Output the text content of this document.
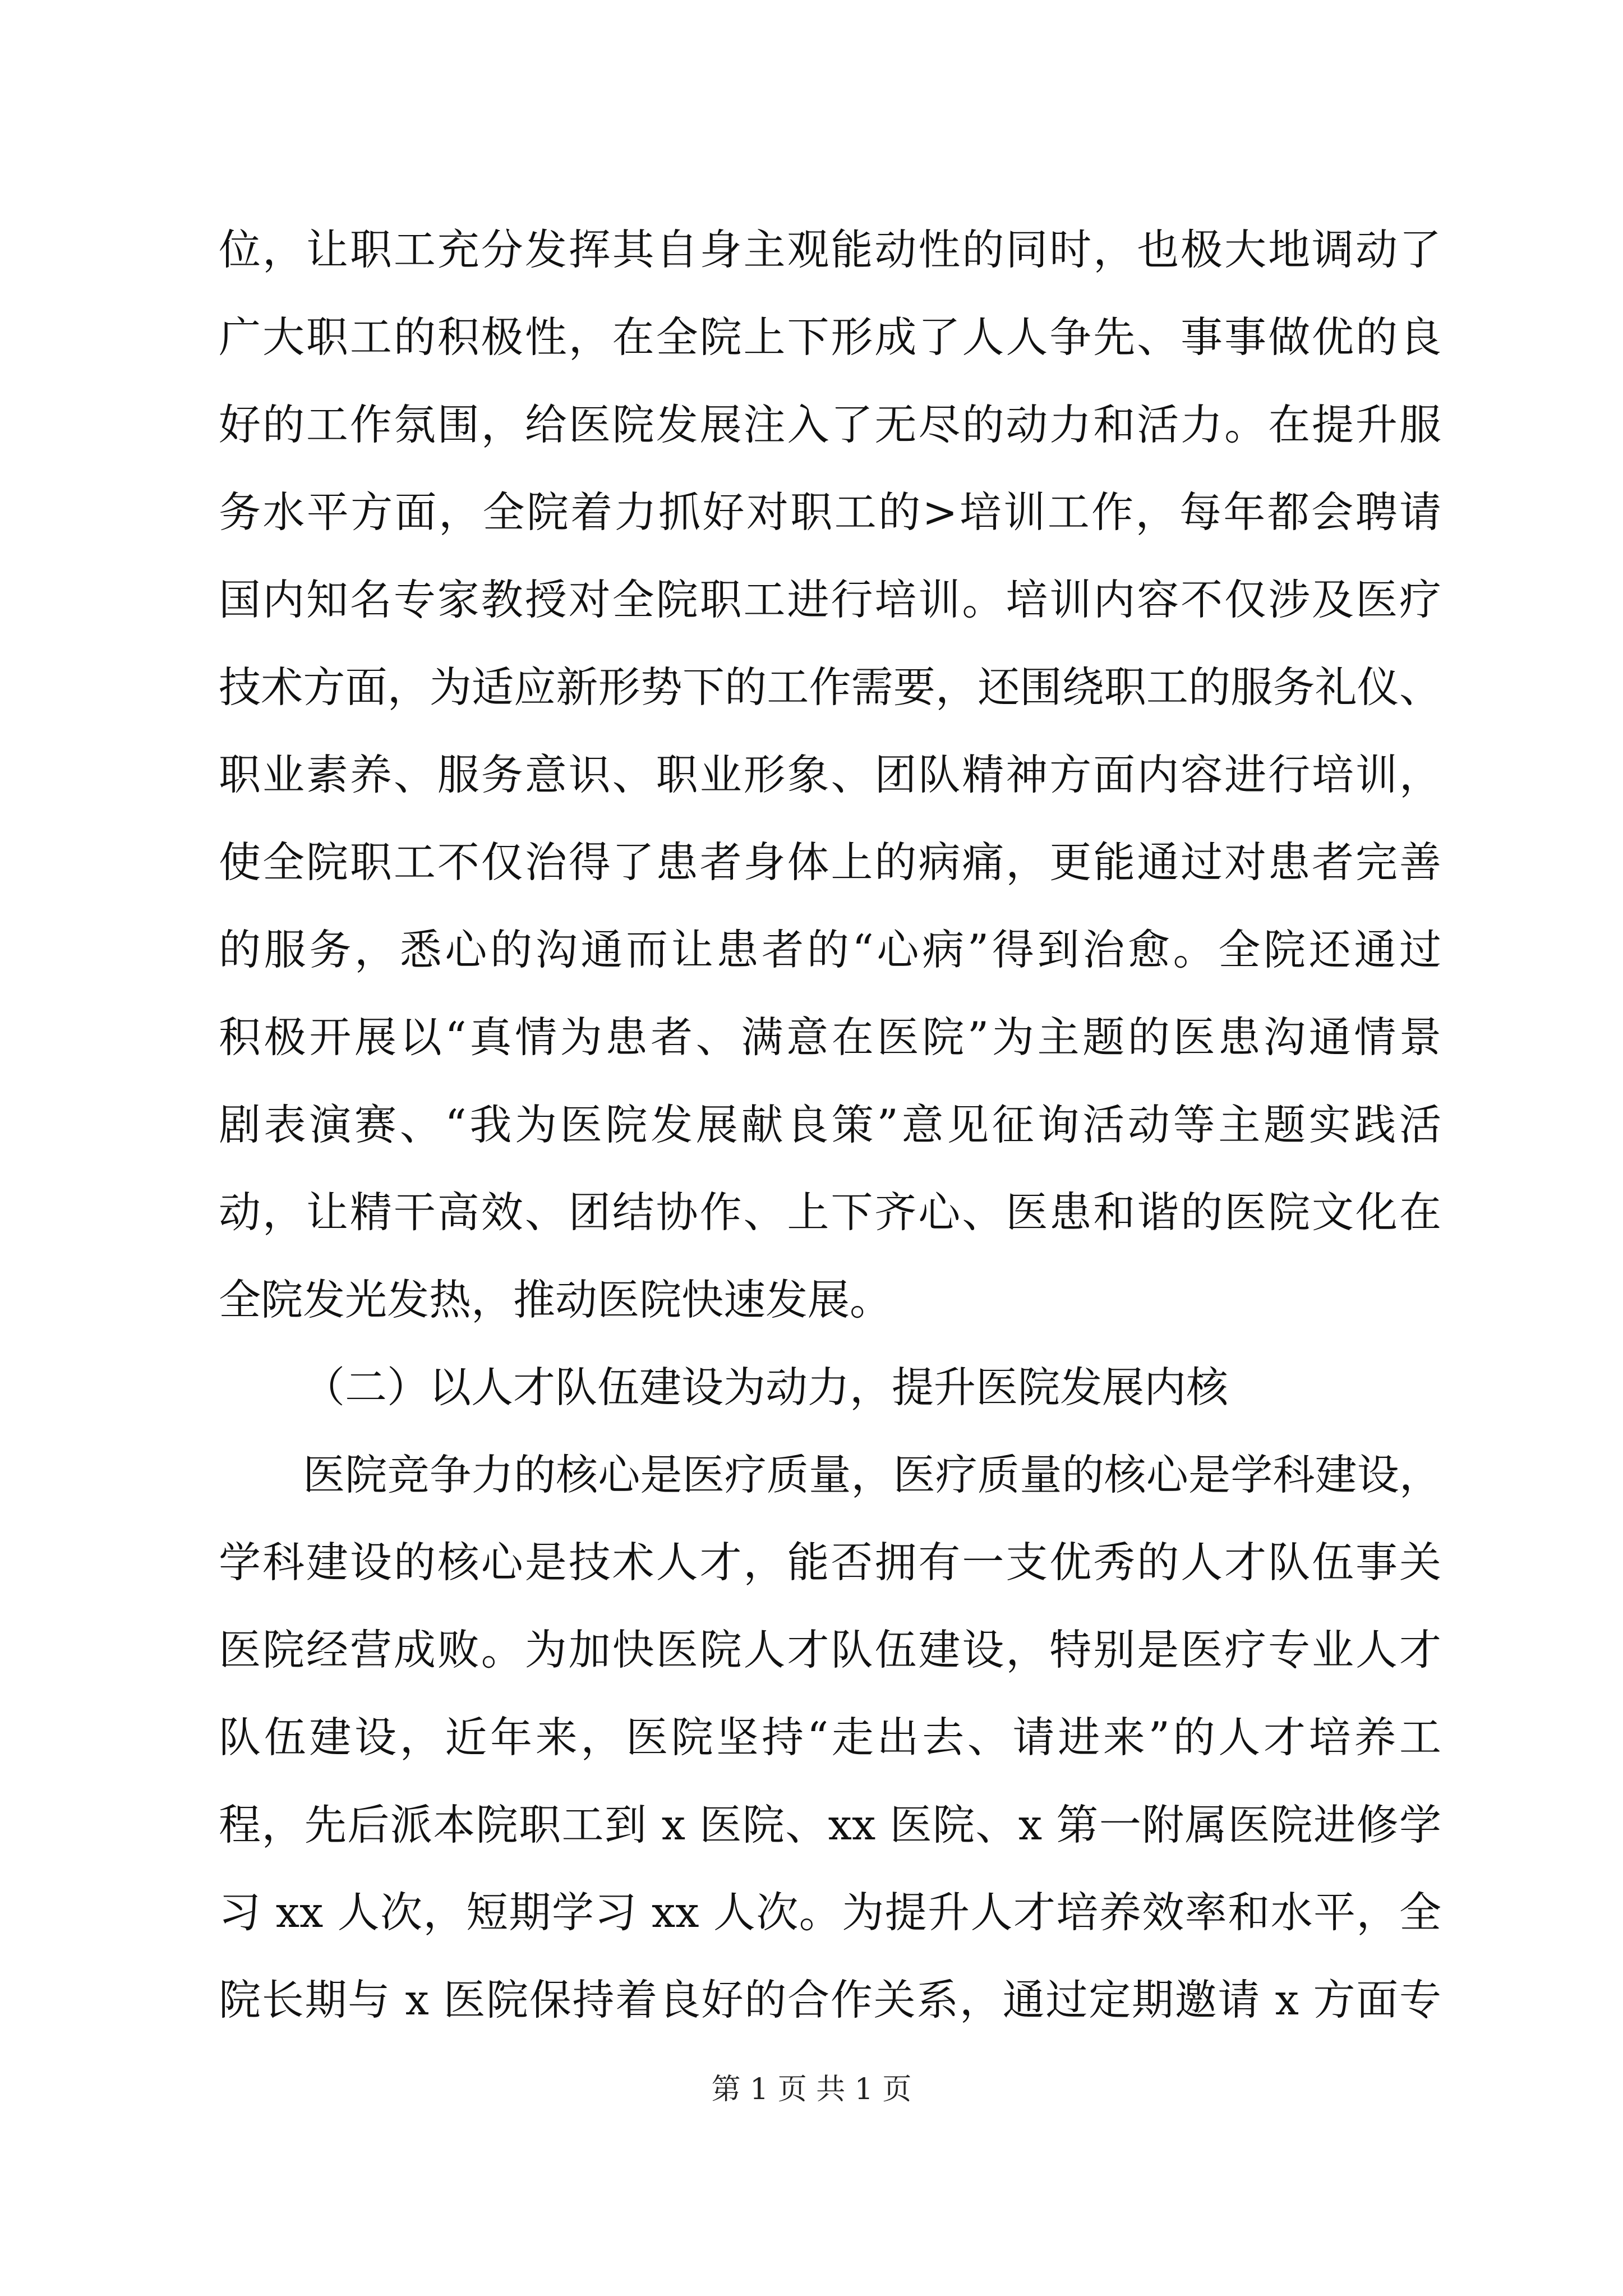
位，让职工充分发挥其自身主观能动性的同时，也极大地调动了
广大职工的积极性，在全院上下形成了人人争先、事事做优的良
好的工作氛围，给医院发展注入了无尽的动力和活力。在提升服
务水平方面，全院着力抓好对职工的>培训工作，每年都会聘请
国内知名专家教授对全院职工进行培训。培训内容不仅涉及医疗
技术方面，为适应新形势下的工作需要，还围绕职工的服务礼仪、
职业素养、服务意识、职业形象、团队精神方面内容进行培训，
使全院职工不仅治得了患者身体上的病痛，更能通过对患者完善
的服务，悉心的沟通而让患者的“心病”得到治愈。全院还通过
积极开展以“真情为患者、满意在医院”为主题的医患沟通情景
剧表演赛、“我为医院发展献良策”意见征询活动等主题实践活
动，让精干高效、团结协作、上下齐心、医患和谐的医院文化在
全院发光发热，推动医院快速发展。
（二）以人才队伍建设为动力，提升医院发展内核
医院竞争力的核心是医疗质量，医疗质量的核心是学科建设，
学科建设的核心是技术人才，能否拥有一支优秀的人才队伍事关
医院经营成败。为加快医院人才队伍建设，特别是医疗专业人才
队伍建设，近年来，医院坚持“走出去、请进来”的人才培养工
程，先后派本院职工到 x 医院、xx 医院、x 第一附属医院进修学
习 xx 人次，短期学习 xx 人次。为提升人才培养效率和水平，全
院长期与 x 医院保持着良好的合作关系，通过定期邀请 x 方面专
第 1 页 共 1 页
